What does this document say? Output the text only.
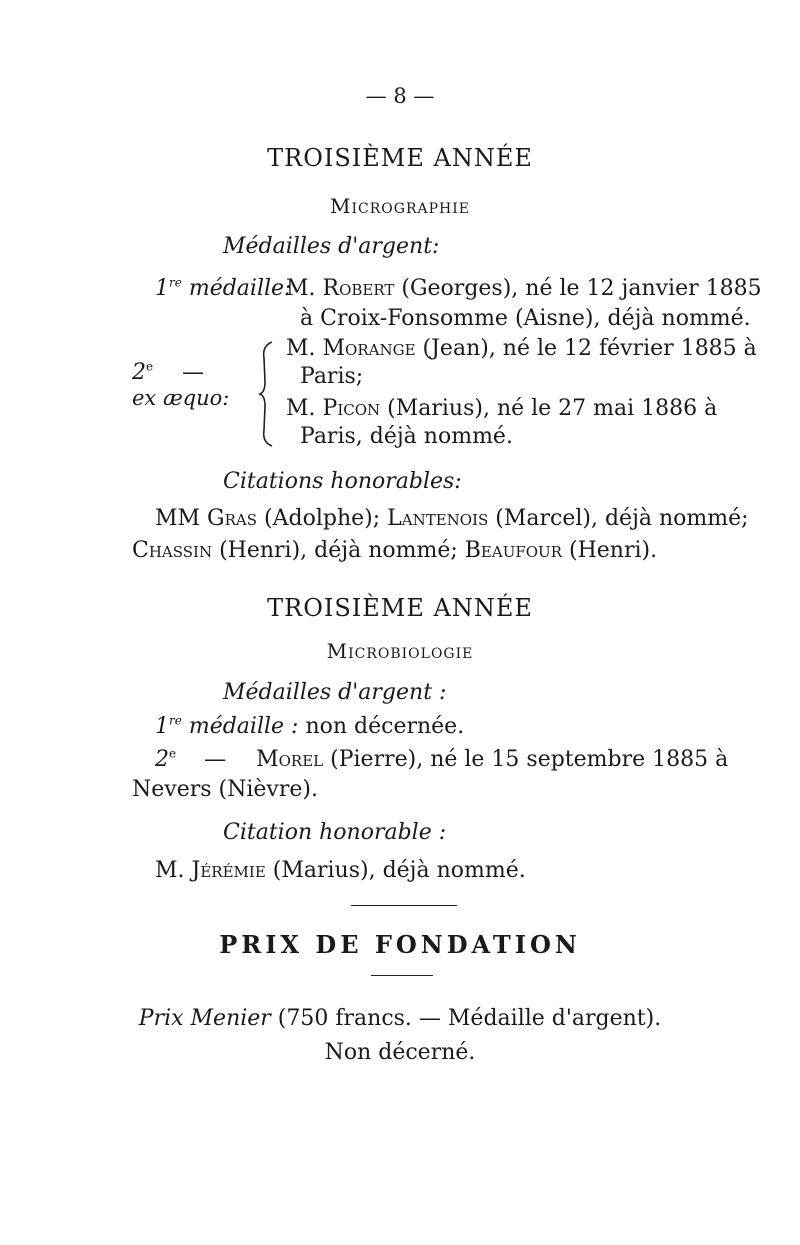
— 8 —
TROISIÈME ANNÉE
Micrographie
Médailles d'argent:
1re médaille:
M. Robert (Georges), né le 12 janvier 1885
à Croix-Fonsomme (Aisne), déjà nommé.
2e —
ex æquo:
M. Morange (Jean), né le 12 février 1885 à
Paris;
M. Picon (Marius), né le 27 mai 1886 à
Paris, déjà nommé.
Citations honorables:
MM Gras (Adolphe); Lantenois (Marcel), déjà nommé;
Chassin (Henri), déjà nommé; Beaufour (Henri).
TROISIÈME ANNÉE
Microbiologie
Médailles d'argent :
1re médaille : non décernée.
2e — Morel (Pierre), né le 15 septembre 1885 à
Nevers (Nièvre).
Citation honorable :
M. Jérémie (Marius), déjà nommé.
PRIX DE FONDATION
Prix Menier (750 francs. — Médaille d'argent).
Non décerné.
